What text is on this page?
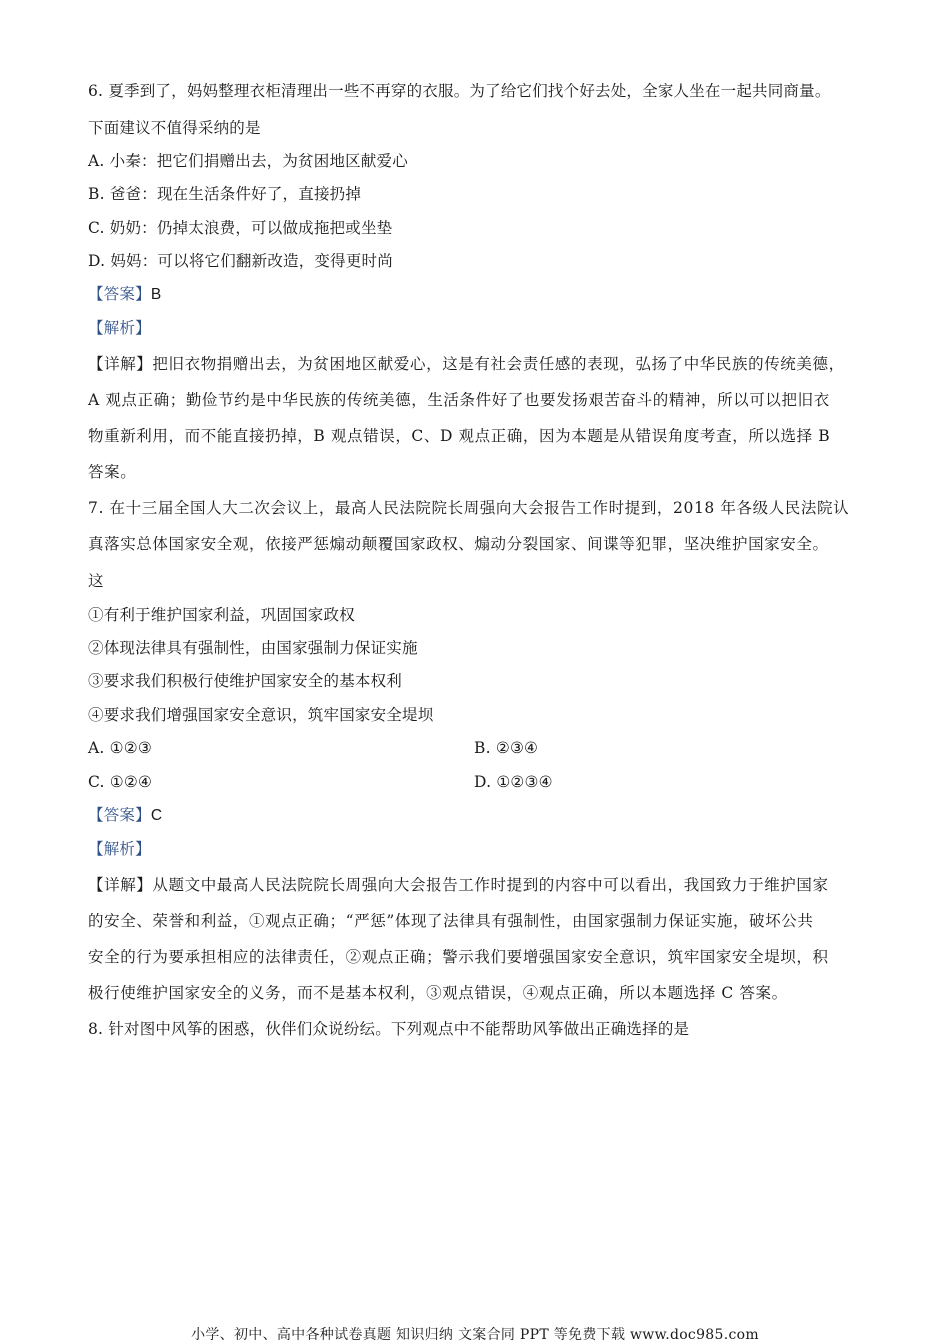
6. 夏季到了，妈妈整理衣柜清理出一些不再穿的衣服。为了给它们找个好去处，全家人坐在一起共同商量。
下面建议不值得采纳的是
A. 小秦：把它们捐赠出去，为贫困地区献爱心
B. 爸爸：现在生活条件好了，直接扔掉
C. 奶奶：仍掉太浪费，可以做成拖把或坐垫
D. 妈妈：可以将它们翻新改造，变得更时尚
【答案】B
【解析】
【详解】把旧衣物捐赠出去，为贫困地区献爱心，这是有社会责任感的表现，弘扬了中华民族的传统美德，
A 观点正确；勤俭节约是中华民族的传统美德，生活条件好了也要发扬艰苦奋斗的精神，所以可以把旧衣
物重新利用，而不能直接扔掉，B 观点错误，C、D 观点正确，因为本题是从错误角度考查，所以选择 B
答案。
7. 在十三届全国人大二次会议上，最高人民法院院长周强向大会报告工作时提到，2018 年各级人民法院认
真落实总体国家安全观，依接严惩煽动颠覆国家政权、煽动分裂国家、间谍等犯罪，坚决维护国家安全。
这
①有利于维护国家利益，巩固国家政权
②体现法律具有强制性，由国家强制力保证实施
③要求我们积极行使维护国家安全的基本权利
④要求我们增强国家安全意识，筑牢国家安全堤坝
A. ①②③	B. ②③④
C. ①②④	D. ①②③④
【答案】C
【解析】
【详解】从题文中最高人民法院院长周强向大会报告工作时提到的内容中可以看出，我国致力于维护国家
的安全、荣誉和利益，①观点正确；“严惩”体现了法律具有强制性，由国家强制力保证实施，破坏公共
安全的行为要承担相应的法律责任，②观点正确；警示我们要增强国家安全意识，筑牢国家安全堤坝，积
极行使维护国家安全的义务，而不是基本权利，③观点错误，④观点正确，所以本题选择 C 答案。
8. 针对图中风筝的困惑，伙伴们众说纷纭。下列观点中不能帮助风筝做出正确选择的是
小学、初中、高中各种试卷真题 知识归纳 文案合同 PPT 等免费下载 www.doc985.com
